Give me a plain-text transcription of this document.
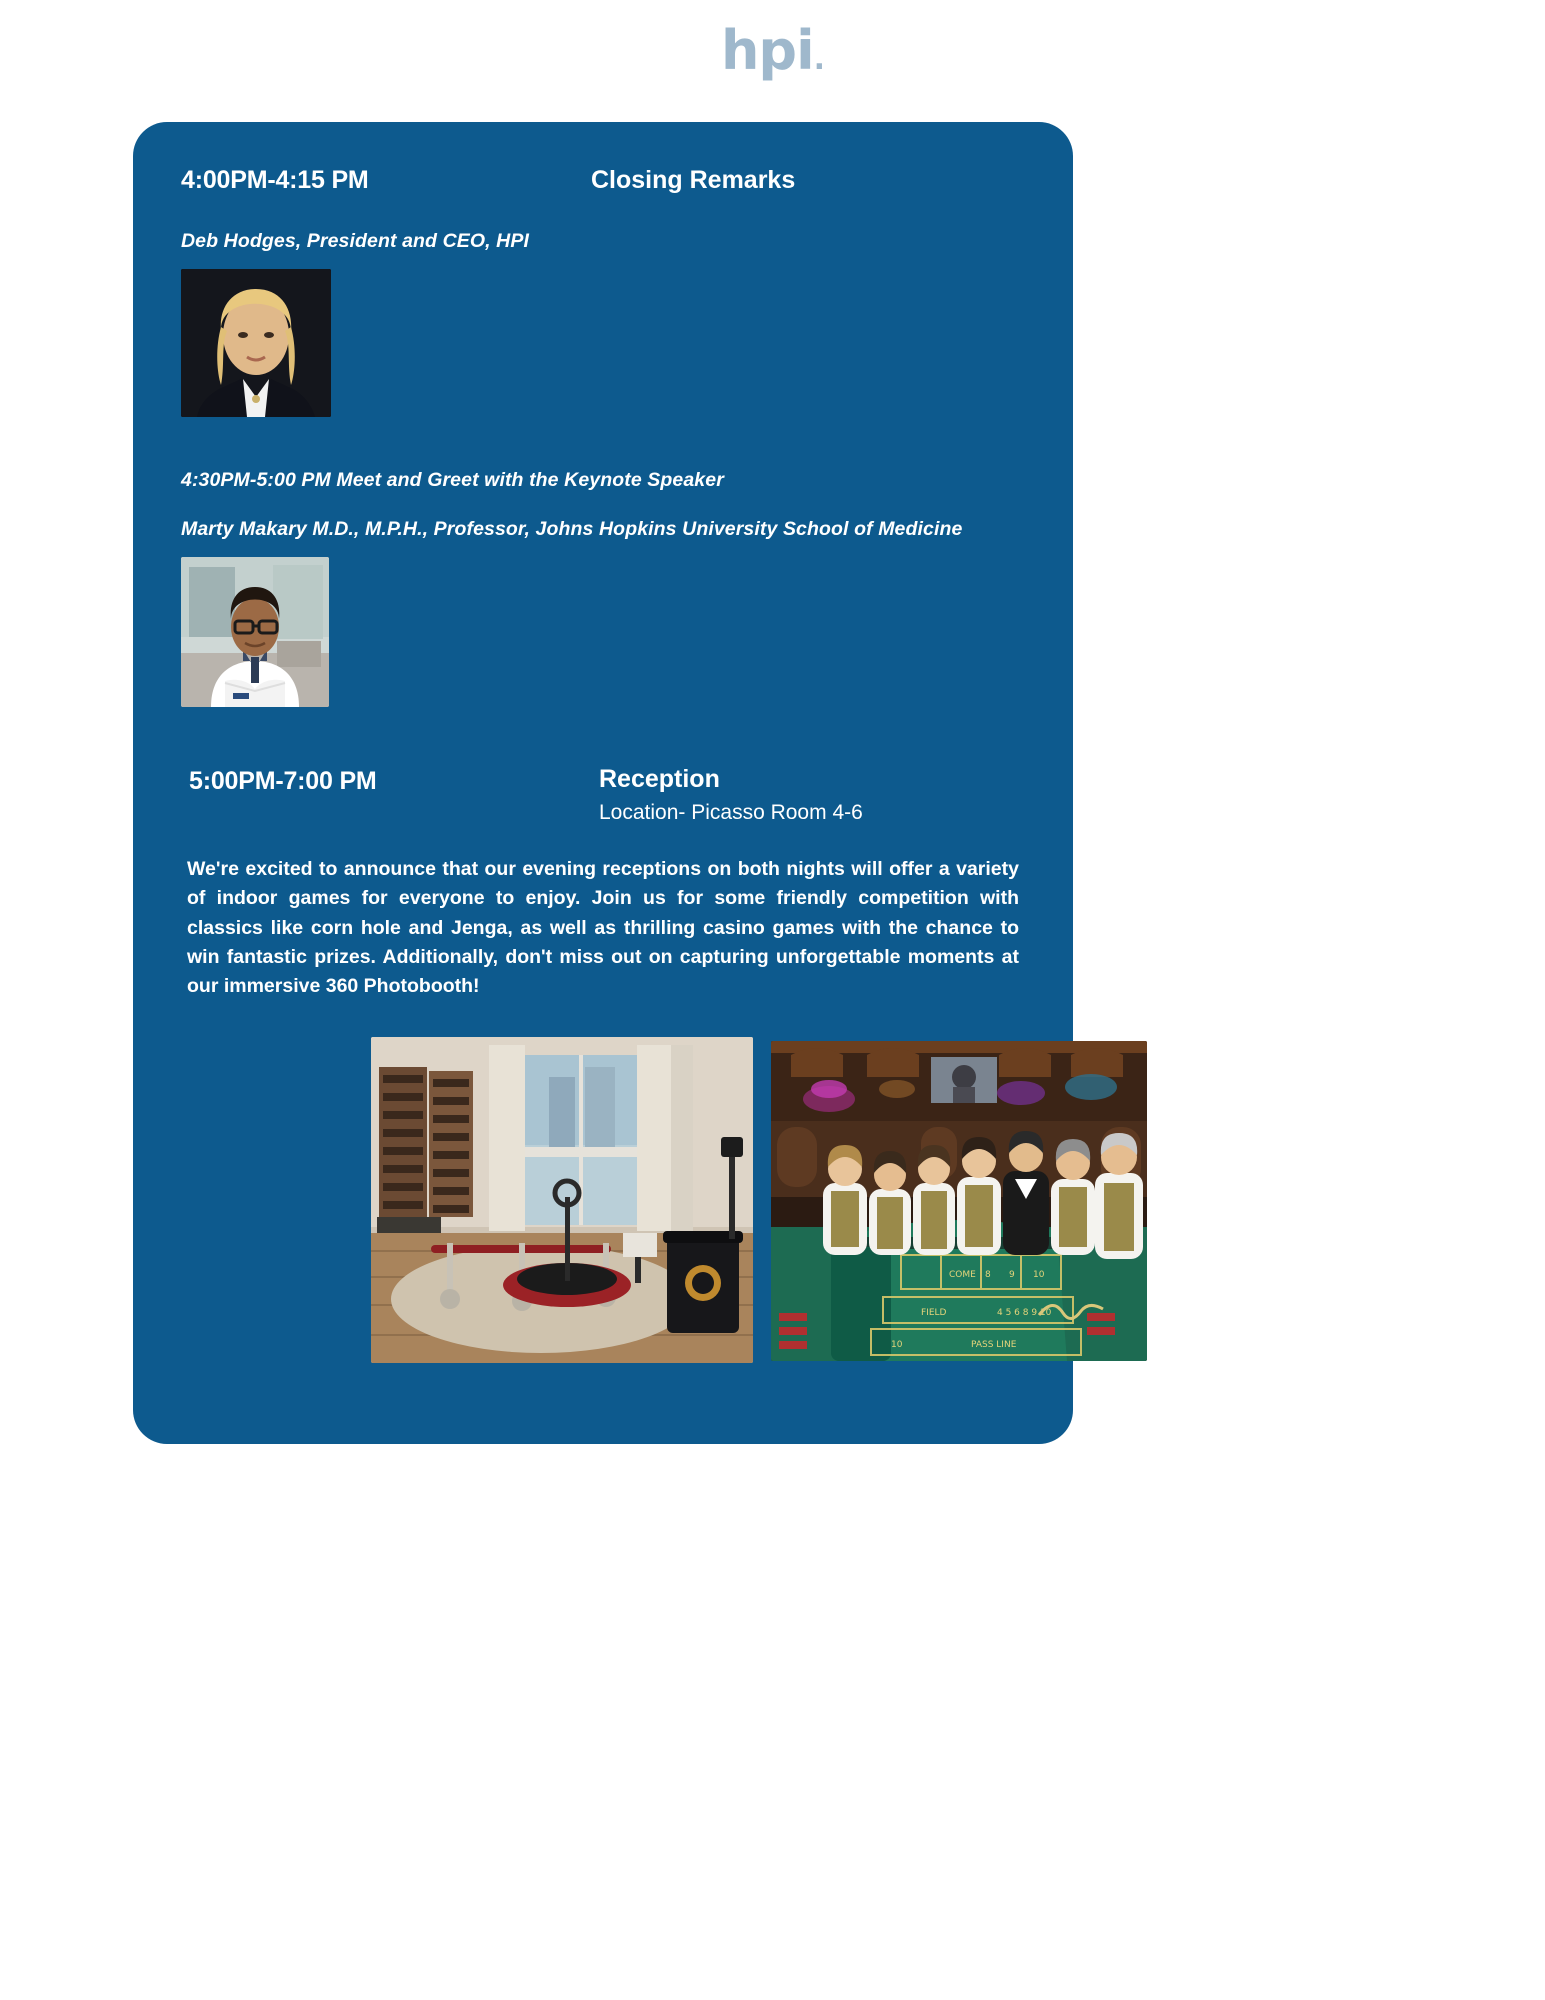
hpi.
4:00PM-4:15 PM	Closing Remarks
Deb Hodges, President and CEO, HPI
4:30PM-5:00 PM Meet and Greet with the Keynote Speaker
Marty Makary M.D., M.P.H., Professor, Johns Hopkins University School of Medicine
5:00PM-7:00 PM	Reception
Location- Picasso Room 4-6
We're excited to announce that our evening receptions on both nights will offer a variety of indoor games for everyone to enjoy. Join us for some friendly competition with classics like corn hole and Jenga, as well as thrilling casino games with the chance to win fantastic prizes. Additionally, don't miss out on capturing unforgettable moments at our immersive 360 Photobooth!
COME 8 9 10
FIELD	4 5 6 8 9 10
10	PASS LINE
